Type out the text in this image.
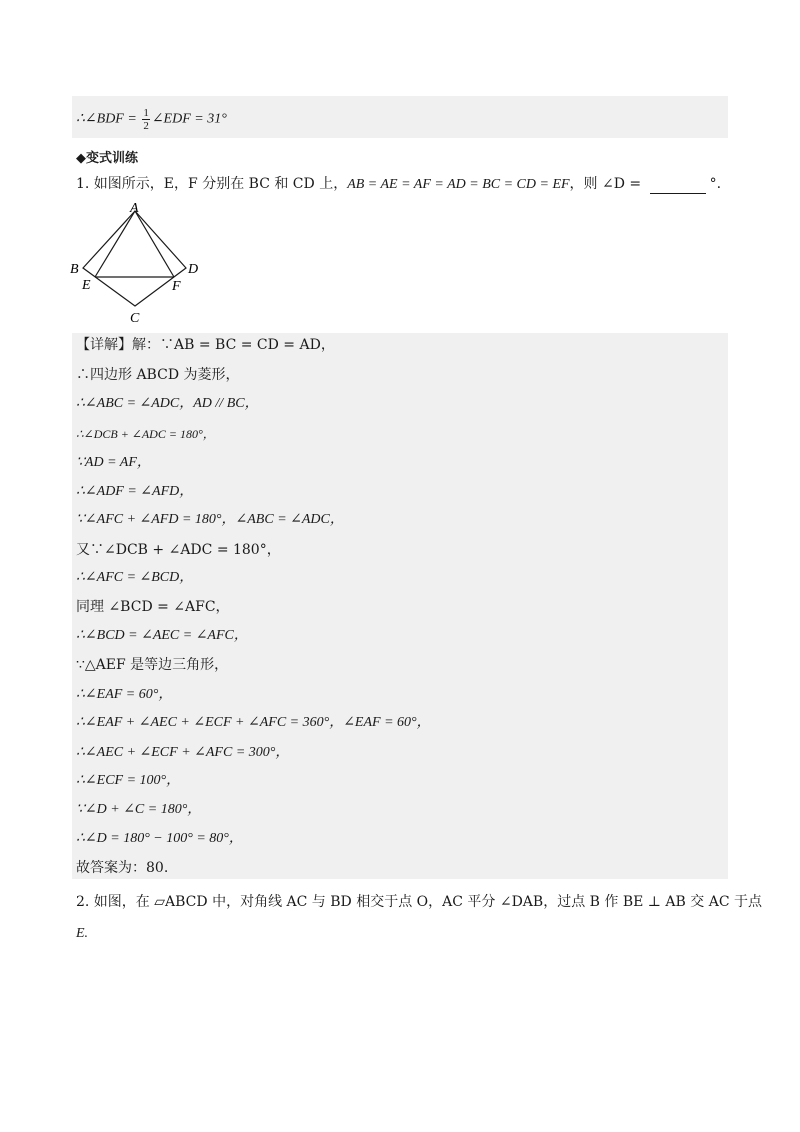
∴∠BDF = $\frac{1}{2}$ ∠EDF = 31°
◆变式训练
1. 如图所示，E，F 分别在 BC 和 CD 上，AB = AE = AF = AD = BC = CD = EF，则 ∠D =	°.
A
B	D
E	F
C
【详解】解：∵AB = BC = CD = AD，
∴四边形 ABCD 为菱形，
∴∠ABC = ∠ADC，AD // BC，
∴∠DCB + ∠ADC = 180°，
∵AD = AF，
∴∠ADF = ∠AFD，
∵∠AFC + ∠AFD = 180°，∠ABC = ∠ADC，
又∵∠DCB + ∠ADC = 180°，
∴∠AFC = ∠BCD，
同理 ∠BCD = ∠AFC，
∴∠BCD = ∠AEC = ∠AFC，
∵△AEF 是等边三角形，
∴∠EAF = 60°，
∴∠EAF + ∠AEC + ∠ECF + ∠AFC = 360°，∠EAF = 60°，
∴∠AEC + ∠ECF + ∠AFC = 300°，
∴∠ECF = 100°，
∵∠D + ∠C = 180°，
∴∠D = 180° − 100° = 80°，
故答案为：80.
2. 如图，在 ▱ABCD 中，对角线 AC 与 BD 相交于点 O，AC 平分 ∠DAB，过点 B 作 BE ⊥ AB 交 AC 于点
E.
